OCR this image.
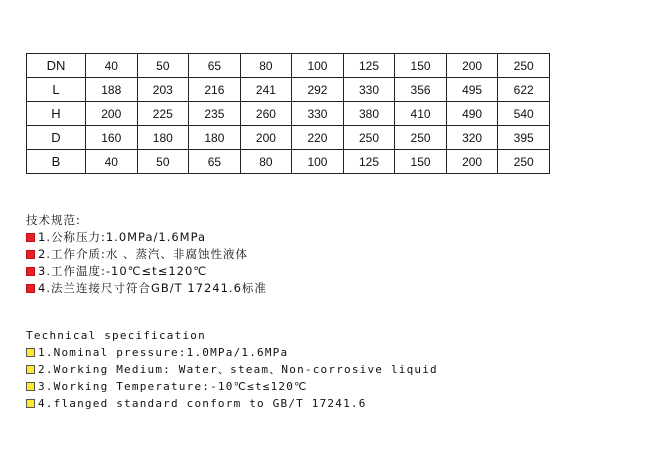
DN	40	50	65	80	100	125	150	200	250
L	188	203	216	241	292	330	356	495	622
H	200	225	235	260	330	380	410	490	540
D	160	180	180	200	220	250	250	320	395
B	40	50	65	80	100	125	150	200	250
技术规范:
1.公称压力:1.0MPa/1.6MPa
2.工作介质:水 、蒸汽、非腐蚀性液体
3.工作温度:-10℃≤t≤120℃
4.法兰连接尺寸符合GB/T 17241.6标准
Technical specification
1.Nominal pressure:1.0MPa/1.6MPa
2.Working Medium: Water、steam、Non-corrosive liquid
3.Working Temperature:-10℃≤t≤120℃
4.flanged standard conform to GB/T 17241.6
